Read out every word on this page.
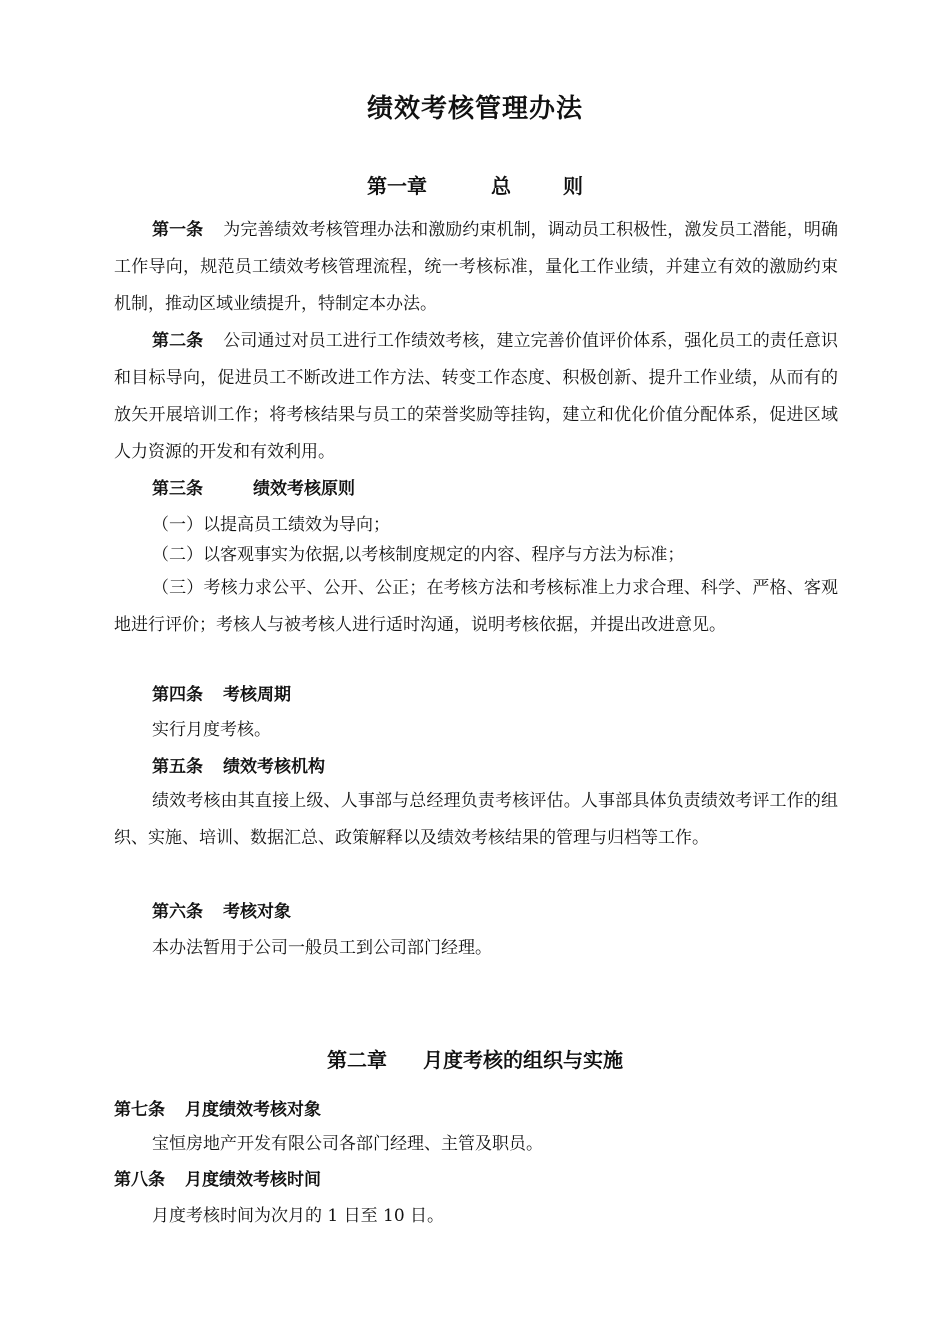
绩效考核管理办法
第一章	总	则

第一条 为完善绩效考核管理办法和激励约束机制，调动员工积极性，激发员工潜能，明确工作导向，规范员工绩效考核管理流程，统一考核标准，量化工作业绩，并建立有效的激励约束机制，推动区域业绩提升，特制定本办法。

第二条 公司通过对员工进行工作绩效考核，建立完善价值评价体系，强化员工的责任意识和目标导向，促进员工不断改进工作方法、转变工作态度、积极创新、提升工作业绩，从而有的放矢开展培训工作；将考核结果与员工的荣誉奖励等挂钩，建立和优化价值分配体系，促进区域人力资源的开发和有效利用。

第三条	绩效考核原则
（一）以提高员工绩效为导向；
（二）以客观事实为依据,以考核制度规定的内容、程序与方法为标准；

（三）考核力求公平、公开、公正；在考核方法和考核标准上力求合理、科学、严格、客观地进行评价；考核人与被考核人进行适时沟通，说明考核依据，并提出改进意见。

第四条 考核周期
实行月度考核。
第五条 绩效考核机构

绩效考核由其直接上级、人事部与总经理负责考核评估。人事部具体负责绩效考评工作的组织、实施、培训、数据汇总、政策解释以及绩效考核结果的管理与归档等工作。

第六条 考核对象
本办法暂用于公司一般员工到公司部门经理。
第二章 月度考核的组织与实施
第七条 月度绩效考核对象
宝恒房地产开发有限公司各部门经理、主管及职员。
第八条 月度绩效考核时间
月度考核时间为次月的 1 日至 10 日。
